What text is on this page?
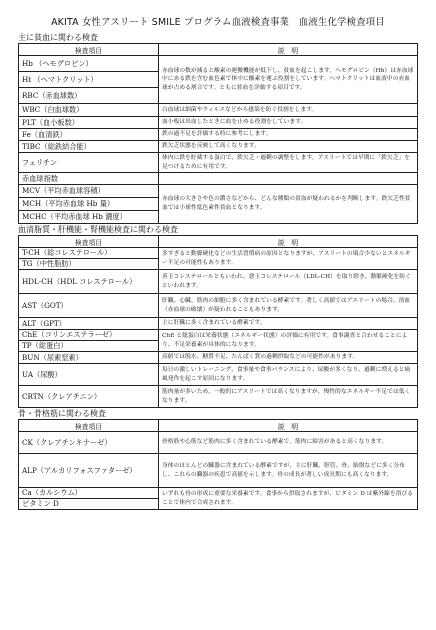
AKITA 女性アスリート SMILE プログラム血液検査事業　血液生化学検査項目
主に貧血に関わる検査
検査項目	説　明
Hb （ヘモグロビン）	赤血球の数が減ると酸素の運搬機能が低下し、貧血を起こします。ヘモグロビン（Hb）は赤血球中にある鉄を含む血色素で体中に酸素を運ぶ役割をしています。ヘマトクリットは血液中の赤血球が占める割合です。ともに貧血を評価する項目です。
Ht （ヘマトクリット）	
RBC（赤血球数）	
WBC（白血球数）	白血球は細菌やウィルスなどから感染を防ぐ役割をします。
PLT（血小板数）	血小板は出血したときに血を止める役割をしています。
Fe（血清鉄）	鉄の過不足を評価する時に参考にします。
TIBC（総鉄結合能）	鉄欠乏状態を反映して高くなります。
フェリチン	体内に鉄を貯蔵する蛋白で、鉄欠乏・過剰の調整をします。アスリートでは早期に「鉄欠乏」を見つけるために有用です。
赤血球指数	
MCV（平均赤血球容積）	赤血球の大きさや色の濃さなどから、どんな種類の貧血が疑われるかを判断します。鉄欠乏性貧血では小球性低色素性貧血となります。
MCH（平均赤血球 Hb 量）	
MCHC（平均赤血球 Hb 濃度）	
血清脂質・肝機能・腎機能検査に関わる検査
検査項目	説　明
T-CH（総コレステロール）	多すぎると動脈硬化などの生活習慣病の原因となりますが、アスリートの場合少ないとエネルギー不足の可能性もあります。
TG（中性脂肪）	
HDL-CH（HDL コレステロール）	善玉コレステロールともいわれ、悪玉コレステロール（LDL-CH）を取り除き、動脈硬化を防ぐといわれます。
AST（GOT）	肝臓、心臓、筋肉の細胞に多く含まれている酵素です。著しく高値ではアスリートの場合、溶血（赤血球の破壊）が疑われることもあります。
ALT（GPT）	主に肝臓に多く含まれている酵素です。
ChE（コリンエステラーゼ）	ChE と総蛋白は栄養状態（エネルギー状態）の評価に有用です。食事調査と合わせることにより、不足栄養素が具体的になります。
TP（総蛋白）	
BUN（尿素窒素）	高値では脱水、糖質不足、たんぱく質の過剰摂取などの可能性があります。
UA（尿酸）	毎日の激しいトレーニング、食事量や食事バランスにより、尿酸が多くなり、過剰に増えると痛風発作を起こす原因になります。
CRTN（クレアチニン）	筋肉量が多いため、一般的にアスリートでは高くなりますが、慢性的なエネルギー不足では低くなります。
骨・骨格筋に関わる検査
検査項目	説　明
CK（クレアチンキナーゼ）	骨格筋や心筋など筋肉に多く含まれている酵素で、筋肉に障害があると高くなります。
ALP（アルカリフォスファターゼ）	身体のほとんどの臓器に含まれている酵素ですが、主に肝臓、胆管、骨、胎盤などに多く分布し、これらの臓器の疾患で高値を示します。骨の成長が著しい成長期にも高くなります。
Ca（カルシウム）	いずれも骨の形成に重要な栄養素です。食事から摂取されますが、ビタミン D は紫外線を浴びることで体内で合成されます。
ビタミン D	
